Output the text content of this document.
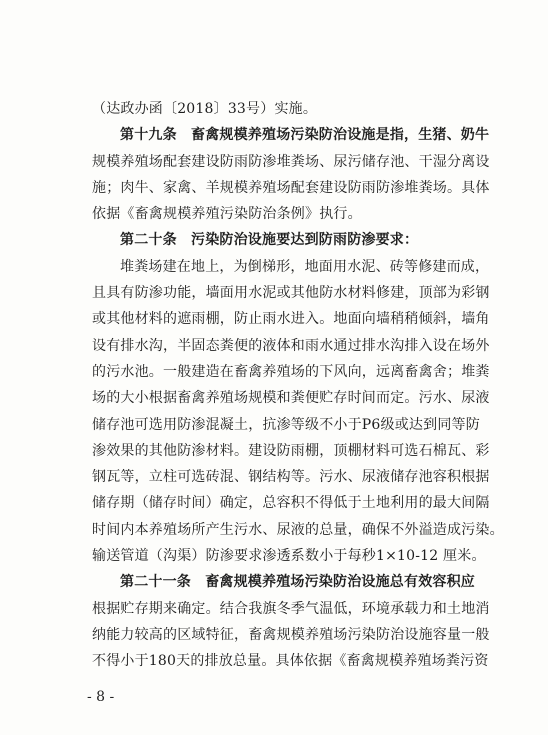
（达政办函〔2018〕33号）实施。
第十九条　畜禽规模养殖场污染防治设施是指，生猪、奶牛
规模养殖场配套建设防雨防渗堆粪场、尿污储存池、干湿分离设
施；肉牛、家禽、羊规模养殖场配套建设防雨防渗堆粪场。具体
依据《畜禽规模养殖污染防治条例》执行。
第二十条　污染防治设施要达到防雨防渗要求：
堆粪场建在地上，为倒梯形，地面用水泥、砖等修建而成，
且具有防渗功能，墙面用水泥或其他防水材料修建，顶部为彩钢
或其他材料的遮雨棚，防止雨水进入。地面向墙稍稍倾斜，墙角
设有排水沟，半固态粪便的液体和雨水通过排水沟排入设在场外
的污水池。一般建造在畜禽养殖场的下风向，远离畜禽舍；堆粪
场的大小根据畜禽养殖场规模和粪便贮存时间而定。污水、尿液
储存池可选用防渗混凝土，抗渗等级不小于P6级或达到同等防
渗效果的其他防渗材料。建设防雨棚，顶棚材料可选石棉瓦、彩
钢瓦等，立柱可选砖混、钢结构等。污水、尿液储存池容积根据
储存期（储存时间）确定，总容积不得低于土地利用的最大间隔
时间内本养殖场所产生污水、尿液的总量，确保不外溢造成污染。
输送管道（沟渠）防渗要求渗透系数小于每秒1×10-12 厘米。
第二十一条　畜禽规模养殖场污染防治设施总有效容积应
根据贮存期来确定。结合我旗冬季气温低，环境承载力和土地消
纳能力较高的区域特征，畜禽规模养殖场污染防治设施容量一般
不得小于180天的排放总量。具体依据《畜禽规模养殖场粪污资
- 8 -
